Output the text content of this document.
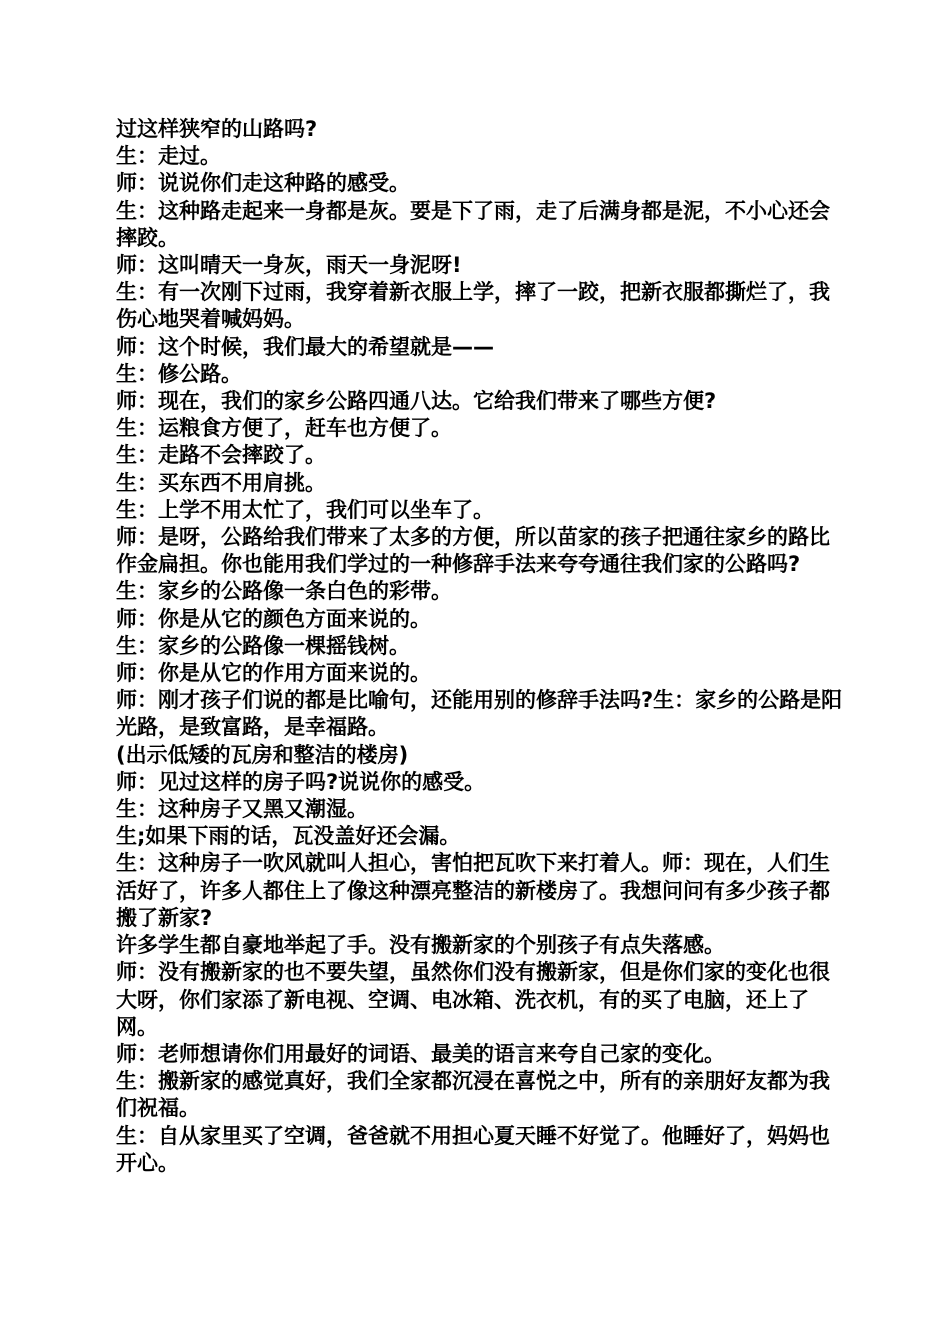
过这样狭窄的山路吗?

生：走过。

师：说说你们走这种路的感受。

生：这种路走起来一身都是灰。要是下了雨，走了后满身都是泥，不小心还会摔跤。

师：这叫晴天一身灰，雨天一身泥呀!

生：有一次刚下过雨，我穿着新衣服上学，摔了一跤，把新衣服都撕烂了，我伤心地哭着喊妈妈。

师：这个时候，我们最大的希望就是——

生：修公路。

师：现在，我们的家乡公路四通八达。它给我们带来了哪些方便?

生：运粮食方便了，赶车也方便了。

生：走路不会摔跤了。

生：买东西不用肩挑。

生：上学不用太忙了，我们可以坐车了。

师：是呀，公路给我们带来了太多的方便，所以苗家的孩子把通往家乡的路比作金扁担。你也能用我们学过的一种修辞手法来夸夸通往我们家的公路吗?

生：家乡的公路像一条白色的彩带。

师：你是从它的颜色方面来说的。

生：家乡的公路像一棵摇钱树。

师：你是从它的作用方面来说的。

师：刚才孩子们说的都是比喻句，还能用别的修辞手法吗?生：家乡的公路是阳光路，是致富路，是幸福路。

(出示低矮的瓦房和整洁的楼房)

师：见过这样的房子吗?说说你的感受。

生：这种房子又黑又潮湿。

生;如果下雨的话，瓦没盖好还会漏。

生：这种房子一吹风就叫人担心，害怕把瓦吹下来打着人。师：现在，人们生活好了，许多人都住上了像这种漂亮整洁的新楼房了。我想问问有多少孩子都搬了新家?

许多学生都自豪地举起了手。没有搬新家的个别孩子有点失落感。

师：没有搬新家的也不要失望，虽然你们没有搬新家，但是你们家的变化也很大呀，你们家添了新电视、空调、电冰箱、洗衣机，有的买了电脑，还上了网。

师：老师想请你们用最好的词语、最美的语言来夸自己家的变化。

生：搬新家的感觉真好，我们全家都沉浸在喜悦之中，所有的亲朋好友都为我们祝福。

生：自从家里买了空调，爸爸就不用担心夏天睡不好觉了。他睡好了，妈妈也开心。
